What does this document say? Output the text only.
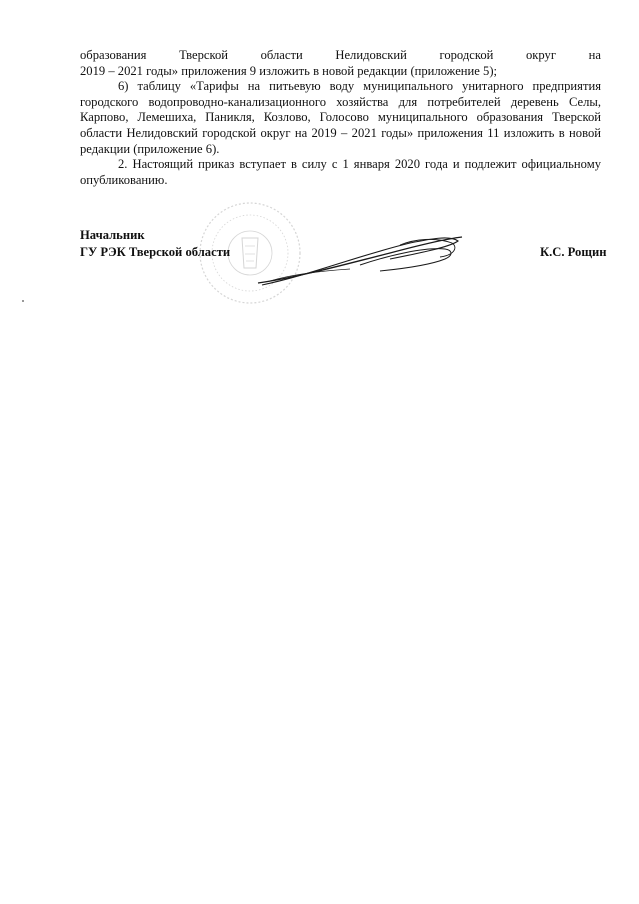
образования Тверской области Нелидовский городской округ на

2019 – 2021 годы» приложения 9 изложить в новой редакции (приложение 5);

6) таблицу «Тарифы на питьевую воду муниципального унитарного предприятия городского водопроводно-канализационного хозяйства для потребителей деревень Селы, Карпово, Лемешиха, Паникля, Козлово, Голосово муниципального образования Тверской области Нелидовский городской округ на 2019 – 2021 годы» приложения 11 изложить в новой редакции (приложение 6).

2. Настоящий приказ вступает в силу с 1 января 2020 года и подлежит официальному опубликованию.

Начальник
ГУ РЭК Тверской области	К.С. Рощин
